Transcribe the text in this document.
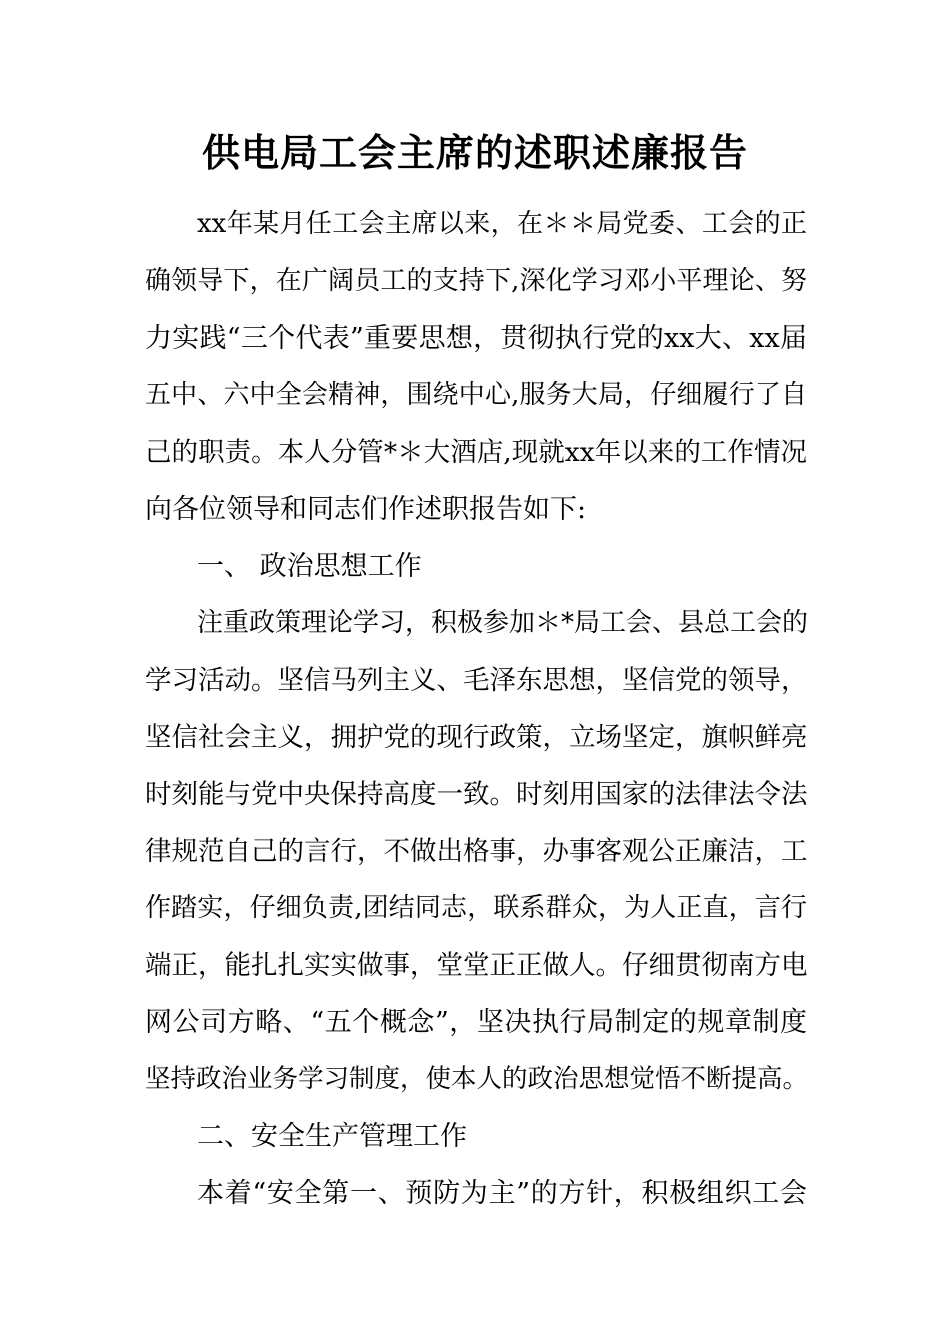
供电局工会主席的述职述廉报告
xx年某月任工会主席以来，在＊＊局党委、工会的正
确领导下，在广阔员工的支持下,深化学习邓小平理论、努
力实践“三个代表”重要思想，贯彻执行党的xx大、xx届
五中、六中全会精神，围绕中心,服务大局，仔细履行了自
己的职责。本人分管*＊大酒店,现就xx年以来的工作情况
向各位领导和同志们作述职报告如下:
一、 政治思想工作
注重政策理论学习，积极参加＊*局工会、县总工会的
学习活动。坚信马列主义、毛泽东思想，坚信党的领导，
坚信社会主义，拥护党的现行政策，立场坚定，旗帜鲜亮
时刻能与党中央保持高度一致。时刻用国家的法律法令法
律规范自己的言行，不做出格事，办事客观公正廉洁，工
作踏实，仔细负责,团结同志，联系群众，为人正直，言行
端正，能扎扎实实做事，堂堂正正做人。仔细贯彻南方电
网公司方略、“五个概念”，坚决执行局制定的规章制度
坚持政治业务学习制度，使本人的政治思想觉悟不断提高。
二、安全生产管理工作
本着“安全第一、预防为主”的方针，积极组织工会
